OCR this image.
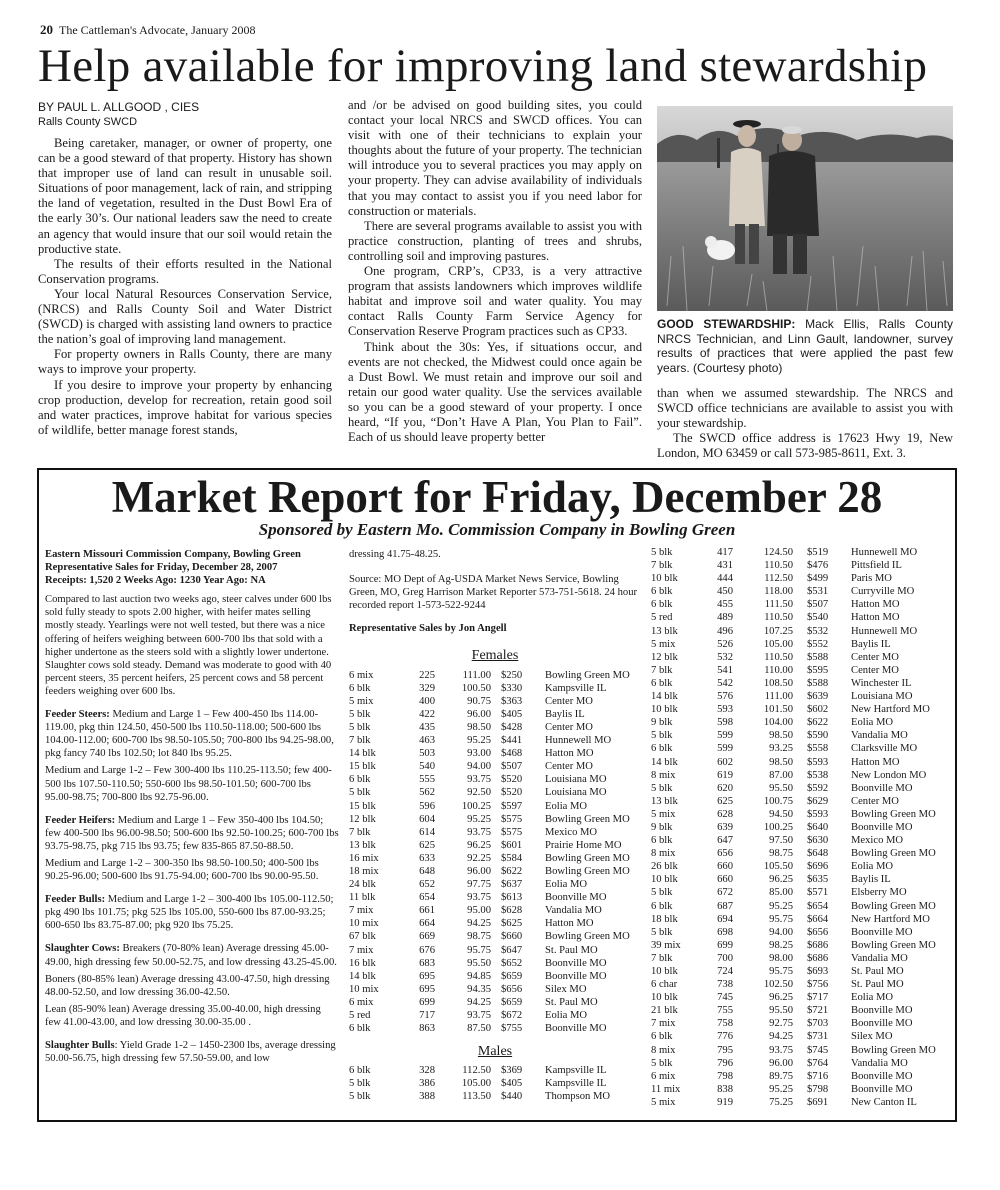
20 The Cattleman's Advocate, January 2008
Help available for improving land stewardship
BY PAUL L. ALLGOOD , CIES
Ralls County SWCD

Being caretaker, manager, or owner of property, one can be a good steward of that property. History has shown that improper use of land can result in unusable soil. Situations of poor management, lack of rain, and stripping the land of vegetation, resulted in the Dust Bowl Era of the early 30’s. Our national leaders saw the need to create an agency that would insure that our soil would retain the productive state.

The results of their efforts resulted in the National Conservation programs.

Your local Natural Resources Conservation Service, (NRCS) and Ralls County Soil and Water District (SWCD) is charged with assisting land owners to practice the nation’s goal of improving land management.

For property owners in Ralls County, there are many ways to improve your property.

If you desire to improve your property by enhancing crop production, develop for recreation, retain good soil and water practices, improve habitat for various species of wildlife, better manage forest stands,

and /or be advised on good building sites, you could contact your local NRCS and SWCD offices. You can visit with one of their technicians to explain your thoughts about the future of your property. The technician will introduce you to several practices you may apply on your property. They can advise availability of individuals that you may contact to assist you if you need labor for construction or materials.

There are several programs available to assist you with practice construction, planting of trees and shrubs, controlling soil and improving pastures.

One program, CRP’s, CP33, is a very attractive program that assists landowners which improves wildlife habitat and improve soil and water quality. You may contact Ralls County Farm Service Agency for Conservation Reserve Program practices such as CP33.

Think about the 30s: Yes, if situations occur, and events are not checked, the Midwest could once again be a Dust Bowl. We must retain and improve our soil and retain our good water quality. Use the services available so you can be a good steward of your property. I once heard, “If you, “Don’t Have A Plan, You Plan to Fail”. Each of us should leave property better

GOOD STEWARDSHIP: Mack Ellis, Ralls County NRCS Technician, and Linn Gault, landowner, survey results of practices that were applied the past few years. (Courtesy photo)

than when we assumed stewardship. The NRCS and SWCD office technicians are available to assist you with your stewardship.

The SWCD office address is 17623 Hwy 19, New London, MO 63459 or call 573-985-8611, Ext. 3.

Market Report for Friday, December 28
Sponsored by Eastern Mo. Commission Company in Bowling Green

Eastern Missouri Commission Company, Bowling Green
Representative Sales for Friday, December 28, 2007
Receipts: 1,520 2 Weeks Ago: 1230 Year Ago: NA

Compared to last auction two weeks ago, steer calves under 600 lbs sold fully steady to spots 2.00 higher, with heifer mates selling mostly steady. Yearlings were not well tested, but there was a nice offering of heifers weighing between 600-700 lbs that sold with a higher undertone as the steers sold with a slightly lower undertone. Slaughter cows sold steady. Demand was moderate to good with 40 percent steers, 35 percent heifers, 25 percent cows and 58 percent feeders weighing over 600 lbs.

Feeder Steers: Medium and Large 1 – Few 400-450 lbs 114.00-119.00, pkg thin 124.50, 450-500 lbs 110.50-118.00; 500-600 lbs 104.00-112.00; 600-700 lbs 98.50-105.50; 700-800 lbs 94.25-98.00, pkg fancy 740 lbs 102.50; lot 840 lbs 95.25.

Medium and Large 1-2 – Few 300-400 lbs 110.25-113.50; few 400-500 lbs 107.50-110.50; 550-600 lbs 98.50-101.50; 600-700 lbs 95.00-98.75; 700-800 lbs 92.75-96.00.

Feeder Heifers: Medium and Large 1 – Few 350-400 lbs 104.50; few 400-500 lbs 96.00-98.50; 500-600 lbs 92.50-100.25; 600-700 lbs 93.75-98.75, pkg 715 lbs 93.75; few 835-865 87.50-88.50.

Medium and Large 1-2 – 300-350 lbs 98.50-100.50; 400-500 lbs 90.25-96.00; 500-600 lbs 91.75-94.00; 600-700 lbs 90.00-95.50.

Feeder Bulls: Medium and Large 1-2 – 300-400 lbs 105.00-112.50; pkg 490 lbs 101.75; pkg 525 lbs 105.00, 550-600 lbs 87.00-93.25; 600-650 lbs 83.75-87.00; pkg 920 lbs 75.25.

Slaughter Cows: Breakers (70-80% lean) Average dressing 45.00-49.00, high dressing few 50.00-52.75, and low dressing 43.25-45.00.

Boners (80-85% lean) Average dressing 43.00-47.50, high dressing 48.00-52.50, and low dressing 36.00-42.50.

Lean (85-90% lean) Average dressing 35.00-40.00, high dressing few 41.00-43.00, and low dressing 30.00-35.00 .

Slaughter Bulls: Yield Grade 1-2 – 1450-2300 lbs, average dressing 50.00-56.75, high dressing few 57.50-59.00, and low

dressing 41.75-48.25.

Source: MO Dept of Ag-USDA Market News Service, Bowling Green, MO, Greg Harrison Market Reporter 573-751-5618. 24 hour recorded report 1-573-522-9244

Representative Sales by Jon Angell

Females
6 mix	225	111.00	$250	Bowling Green MO
6 blk	329	100.50	$330	Kampsville IL
5 mix	400	90.75	$363	Center MO
5 blk	422	96.00	$405	Baylis IL
5 blk	435	98.50	$428	Center MO
7 blk	463	95.25	$441	Hunnewell MO
14 blk	503	93.00	$468	Hatton MO
15 blk	540	94.00	$507	Center MO
6 blk	555	93.75	$520	Louisiana MO
5 blk	562	92.50	$520	Louisiana MO
15 blk	596	100.25	$597	Eolia MO
12 blk	604	95.25	$575	Bowling Green MO
7 blk	614	93.75	$575	Mexico MO
13 blk	625	96.25	$601	Prairie Home MO
16 mix	633	92.25	$584	Bowling Green MO
18 mix	648	96.00	$622	Bowling Green MO
24 blk	652	97.75	$637	Eolia MO
11 blk	654	93.75	$613	Boonville MO
7 mix	661	95.00	$628	Vandalia MO
10 mix	664	94.25	$625	Hatton MO
67 blk	669	98.75	$660	Bowling Green MO
7 mix	676	95.75	$647	St. Paul MO
16 blk	683	95.50	$652	Boonville MO
14 blk	695	94.85	$659	Boonville MO
10 mix	695	94.35	$656	Silex MO
6 mix	699	94.25	$659	St. Paul MO
5 red	717	93.75	$672	Eolia MO
6 blk	863	87.50	$755	Boonville MO
Males
6 blk	328	112.50	$369	Kampsville IL
5 blk	386	105.00	$405	Kampsville IL
5 blk	388	113.50	$440	Thompson MO
5 blk	417	124.50	$519	Hunnewell MO
7 blk	431	110.50	$476	Pittsfield IL
10 blk	444	112.50	$499	Paris MO
6 blk	450	118.00	$531	Curryville MO
6 blk	455	111.50	$507	Hatton MO
5 red	489	110.50	$540	Hatton MO
13 blk	496	107.25	$532	Hunnewell MO
5 mix	526	105.00	$552	Baylis IL
12 blk	532	110.50	$588	Center MO
7 blk	541	110.00	$595	Center MO
6 blk	542	108.50	$588	Winchester IL
14 blk	576	111.00	$639	Louisiana MO
10 blk	593	101.50	$602	New Hartford MO
9 blk	598	104.00	$622	Eolia MO
5 blk	599	98.50	$590	Vandalia MO
6 blk	599	93.25	$558	Clarksville MO
14 blk	602	98.50	$593	Hatton MO
8 mix	619	87.00	$538	New London MO
5 blk	620	95.50	$592	Boonville MO
13 blk	625	100.75	$629	Center MO
5 mix	628	94.50	$593	Bowling Green MO
9 blk	639	100.25	$640	Boonville MO
6 blk	647	97.50	$630	Mexico MO
8 mix	656	98.75	$648	Bowling Green MO
26 blk	660	105.50	$696	Eolia MO
10 blk	660	96.25	$635	Baylis IL
5 blk	672	85.00	$571	Elsberry MO
6 blk	687	95.25	$654	Bowling Green MO
18 blk	694	95.75	$664	New Hartford MO
5 blk	698	94.00	$656	Boonville MO
39 mix	699	98.25	$686	Bowling Green MO
7 blk	700	98.00	$686	Vandalia MO
10 blk	724	95.75	$693	St. Paul MO
6 char	738	102.50	$756	St. Paul MO
10 blk	745	96.25	$717	Eolia MO
21 blk	755	95.50	$721	Boonville MO
7 mix	758	92.75	$703	Boonville MO
6 blk	776	94.25	$731	Silex MO
8 mix	795	93.75	$745	Bowling Green MO
5 blk	796	96.00	$764	Vandalia MO
6 mix	798	89.75	$716	Boonville MO
11 mix	838	95.25	$798	Boonville MO
5 mix	919	75.25	$691	New Canton IL
